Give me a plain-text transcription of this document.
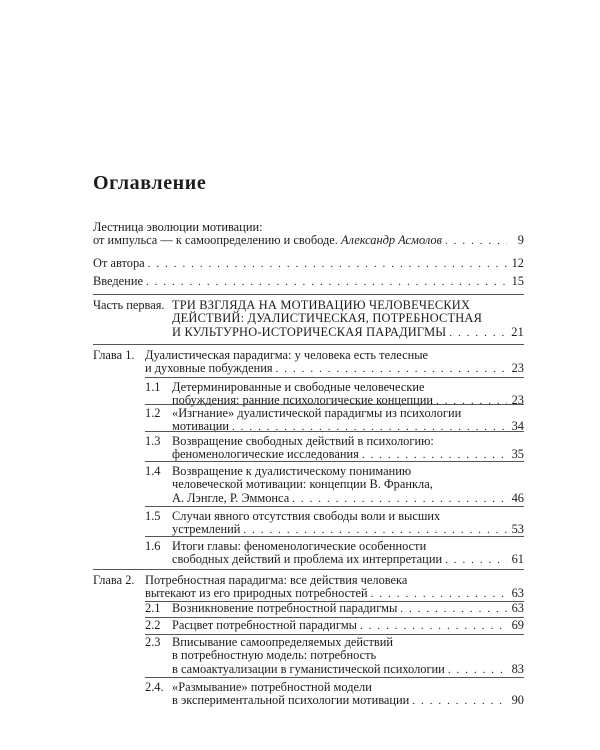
Оглавление
Лестница эволюции мотивации:
от импульса — к самоопределению и свободе. Александр Асмолов . . .	9
От автора . . .	12
Введение . . .	15
Часть первая. ТРИ ВЗГЛЯДА НА МОТИВАЦИЮ ЧЕЛОВЕЧЕСКИХ
ДЕЙСТВИЙ: ДУАЛИСТИЧЕСКАЯ, ПОТРЕБНОСТНАЯ
И КУЛЬТУРНО-ИСТОРИЧЕСКАЯ ПАРАДИГМЫ . . .	21
Глава 1. Дуалистическая парадигма: у человека есть телесные
и духовные побуждения . . .	23
1.1 Детерминированные и свободные человеческие
побуждения: ранние психологические концепции . . .	23
1.2 «Изгнание» дуалистической парадигмы из психологии
мотивации . . .	34
1.3 Возвращение свободных действий в психологию:
феноменологические исследования . . .	35
1.4 Возвращение к дуалистическому пониманию
человеческой мотивации: концепции В. Франкла,
А. Лэнгле, Р. Эммонса . . .	46
1.5 Случаи явного отсутствия свободы воли и высших
устремлений . . .	53
1.6 Итоги главы: феноменологические особенности
свободных действий и проблема их интерпретации . . .	61
Глава 2. Потребностная парадигма: все действия человека
вытекают из его природных потребностей . . .	63
2.1 Возникновение потребностной парадигмы . . .	63
2.2 Расцвет потребностной парадигмы . . .	69
2.3 Вписывание самоопределяемых действий
в потребностную модель: потребность
в самоактуализации в гуманистической психологии . . .	83
2.4. «Размывание» потребностной модели
в экспериментальной психологии мотивации . . .	90
